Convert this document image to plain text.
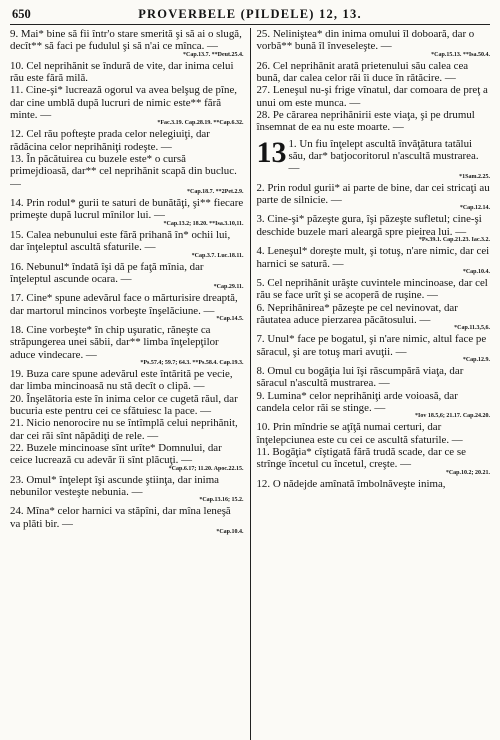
650	PROVERBELE (PILDELE) 12, 13.

9. Mai* bine să fii într'o stare smerită şi să ai o slugă, decît** să faci pe fudulul şi să n'ai ce mînca. —

*Cap.13.7. **Deut.25.4.

10. Cel neprihănit se îndură de vite, dar inima celui rău este fără milă.

11. Cine-şi* lucrează ogorul va avea belşug de pîne, dar cine umblă după lucruri de nimic este** fără minte. —

*Fac.3.19. Cap.28.19. **Cap.6.32.

12. Cel rău pofteşte prada celor nelegiuiţi, dar rădăcina celor neprihăniţi rodeşte. —

13. În păcătuirea cu buzele este* o cursă primejdioasă, dar** cel neprihănit scapă din bucluc. —

*Cap.18.7. **2Pet.2.9.

14. Prin rodul* gurii te saturi de bunătăţi, şi** fiecare primeşte după lucrul mînilor lui. —

*Cap.13.2; 18.20. **Isa.3.10,11.

15. Calea nebunului este fără prihană în* ochii lui, dar înţeleptul ascultă sfaturile. —

*Cap.3.7. Luc.18.11.

16. Nebunul* îndată îşi dă pe faţă mînia, dar înţeleptul ascunde ocara. —

*Cap.29.11.

17. Cine* spune adevărul face o mărturisire dreaptă, dar martorul mincinos vorbeşte înşelăciune. —

*Cap.14.5.

18. Cine vorbeşte* în chip uşuratic, răneşte ca străpungerea unei săbii, dar** limba înţelepţilor aduce vindecare. —

*Ps.57.4; 59.7; 64.3. **Ps.58.4. Cap.19.3.

19. Buza care spune adevărul este întărită pe vecie, dar limba mincinoasă nu stă decît o clipă. —

20. Înşelătoria este în inima celor ce cugetă răul, dar bucuria este pentru cei ce sfătuiesc la pace. —

21. Nicio nenorocire nu se întîmplă celui neprihănit, dar cei răi sînt năpădiţi de rele. —

22. Buzele mincinoase sînt urîte* Domnului, dar ceice lucrează cu adevăr îi sînt plăcuţi. —

*Cap.6.17; 11.20. Apoc.22.15.

23. Omul* înţelept îşi ascunde ştiinţa, dar inima nebunilor vesteşte nebunia. —

*Cap.13.16; 15.2.

24. Mîna* celor harnici va stăpîni, dar mîna leneşă va plăti bir. —

*Cap.10.4.

25. Neliniştea* din inima omului îl doboară, dar o vorbă** bună îl înveseleşte. —

*Cap.15.13. **Isa.50.4.

26. Cel neprihănit arată prietenului său calea cea bună, dar calea celor răi îi duce în rătăcire. —

27. Leneşul nu-şi frige vînatul, dar comoara de preţ a unui om este munca. —

28. Pe cărarea neprihănirii este viaţa, şi pe drumul însemnat de ea nu este moarte. —

13 1. Un fiu înţelept ascultă învăţătura tatălui său, dar* batjocoritorul n'ascultă mustrarea. —

*1Sam.2.25.

2. Prin rodul gurii* ai parte de bine, dar cei stricaţi au parte de silnicie. —

*Cap.12.14.

3. Cine-şi* păzeşte gura, îşi păzeşte sufletul; cine-şi deschide buzele mari aleargă spre pieirea lui. —

*Ps.39.1. Cap.21.23. Iac.3.2.

4. Leneşul* doreşte mult, şi totuş, n'are nimic, dar cei harnici se satură. —

*Cap.10.4.

5. Cel neprihănit urăşte cuvintele mincinoase, dar cel rău se face urît şi se acoperă de ruşine. —

6. Neprihănirea* păzeşte pe cel nevinovat, dar răutatea aduce pierzarea păcătosului. —

*Cap.11.3,5,6.

7. Unul* face pe bogatul, şi n'are nimic, altul face pe săracul, şi are totuş mari avuţii. —

*Cap.12.9.

8. Omul cu bogăţia lui îşi răscumpără viaţa, dar săracul n'ascultă mustrarea. —

9. Lumina* celor neprihăniţi arde voioasă, dar candela celor răi se stinge. —

*Iov 18.5,6; 21.17. Cap.24.20.

10. Prin mîndrie se aţîţă numai certuri, dar înţelepciunea este cu cei ce ascultă sfaturile. —

11. Bogăţia* cîştigată fără trudă scade, dar ce se strînge încetul cu încetul, creşte. —

*Cap.10.2; 20.21.

12. O nădejde amînată îmbolnăveşte inima,
